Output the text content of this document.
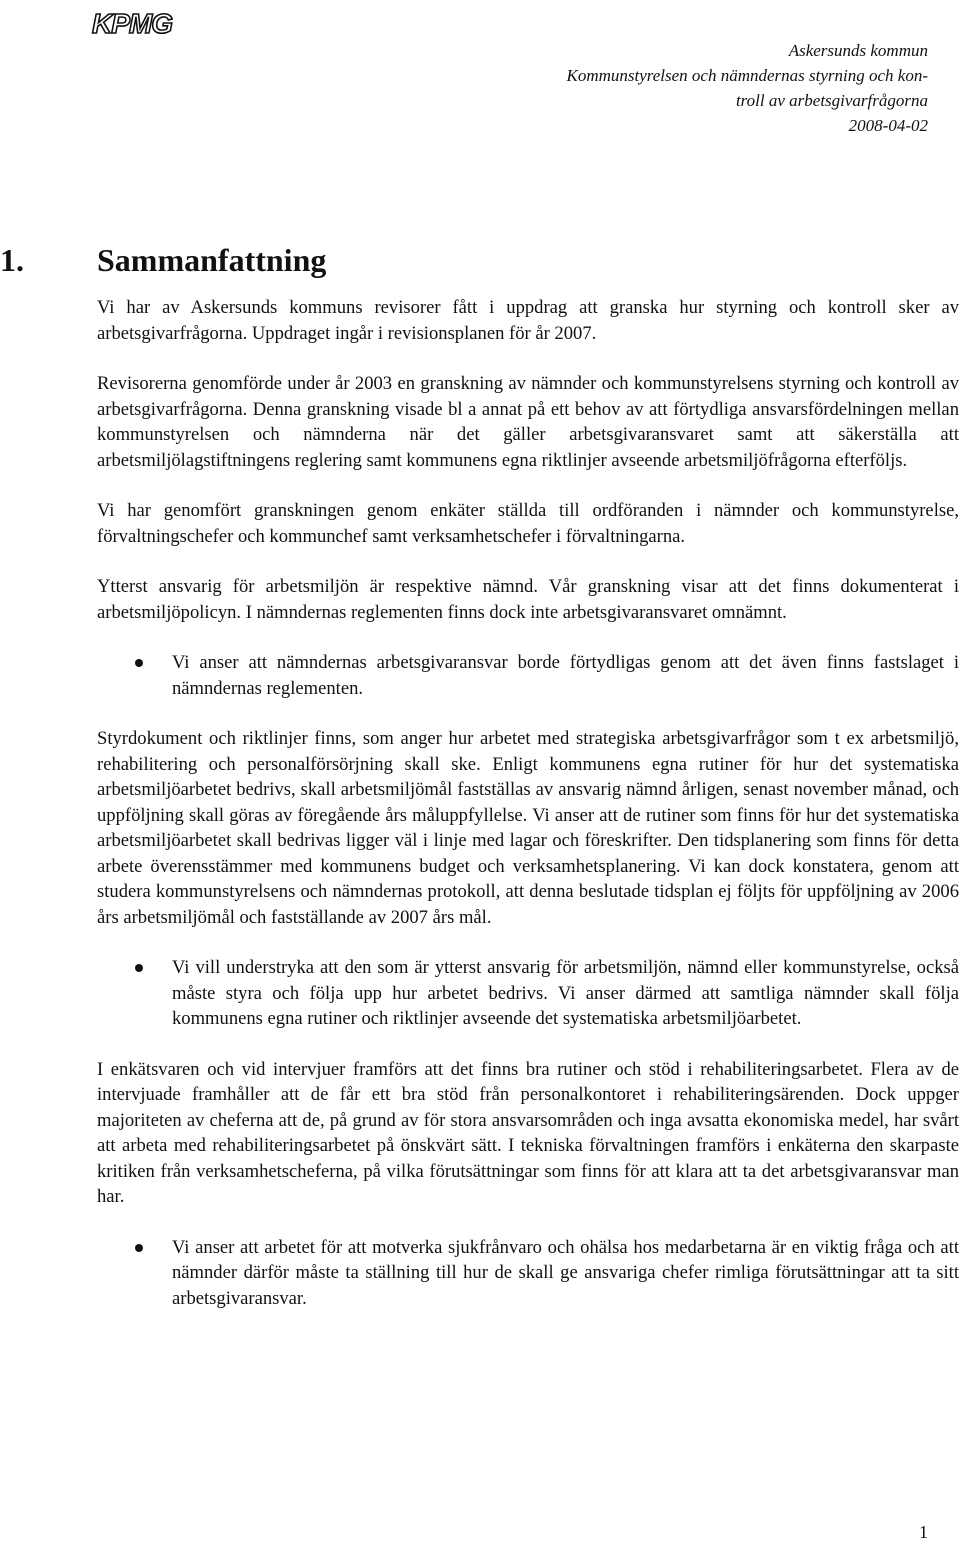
KPMG
Askersunds kommun
Kommunstyrelsen och nämndernas styrning och kon-
troll av arbetsgivarfrågorna
2008-04-02
1. Sammanfattning

Vi har av Askersunds kommuns revisorer fått i uppdrag att granska hur styrning och kontroll sker av arbetsgivarfrågorna. Uppdraget ingår i revisionsplanen för år 2007.

Revisorerna genomförde under år 2003 en granskning av nämnder och kommunstyrelsens styrning och kontroll av arbetsgivarfrågorna. Denna granskning visade bl a annat på ett behov av att förtydliga ansvarsfördelningen mellan kommunstyrelsen och nämnderna när det gäller arbetsgivaransvaret samt att säkerställa att arbetsmiljölagstiftningens reglering samt kommunens egna riktlinjer avseende arbetsmiljöfrågorna efterföljs.

Vi har genomfört granskningen genom enkäter ställda till ordföranden i nämnder och kommunstyrelse, förvaltningschefer och kommunchef samt verksamhetschefer i förvaltningarna.

Ytterst ansvarig för arbetsmiljön är respektive nämnd. Vår granskning visar att det finns dokumenterat i arbetsmiljöpolicyn. I nämndernas reglementen finns dock inte arbetsgivaransvaret omnämnt.

Vi anser att nämndernas arbetsgivaransvar borde förtydligas genom att det även finns fastslaget i nämndernas reglementen.

Styrdokument och riktlinjer finns, som anger hur arbetet med strategiska arbetsgivarfrågor som t ex arbetsmiljö, rehabilitering och personalförsörjning skall ske. Enligt kommunens egna rutiner för hur det systematiska arbetsmiljöarbetet bedrivs, skall arbetsmiljömål fastställas av ansvarig nämnd årligen, senast november månad, och uppföljning skall göras av föregående års måluppfyllelse. Vi anser att de rutiner som finns för hur det systematiska arbetsmiljöarbetet skall bedrivas ligger väl i linje med lagar och föreskrifter. Den tidsplanering som finns för detta arbete överensstämmer med kommunens budget och verksamhetsplanering. Vi kan dock konstatera, genom att studera kommunstyrelsens och nämndernas protokoll, att denna beslutade tidsplan ej följts för uppföljning av 2006 års arbetsmiljömål och fastställande av 2007 års mål.

Vi vill understryka att den som är ytterst ansvarig för arbetsmiljön, nämnd eller kommunstyrelse, också måste styra och följa upp hur arbetet bedrivs. Vi anser därmed att samtliga nämnder skall följa kommunens egna rutiner och riktlinjer avseende det systematiska arbetsmiljöarbetet.

I enkätsvaren och vid intervjuer framförs att det finns bra rutiner och stöd i rehabiliteringsarbetet. Flera av de intervjuade framhåller att de får ett bra stöd från personalkontoret i rehabiliteringsärenden. Dock uppger majoriteten av cheferna att de, på grund av för stora ansvarsområden och inga avsatta ekonomiska medel, har svårt att arbeta med rehabiliteringsarbetet på önskvärt sätt. I tekniska förvaltningen framförs i enkäterna den skarpaste kritiken från verksamhetscheferna, på vilka förutsättningar som finns för att klara att ta det arbetsgivaransvar man har.

Vi anser att arbetet för att motverka sjukfrånvaro och ohälsa hos medarbetarna är en viktig fråga och att nämnder därför måste ta ställning till hur de skall ge ansvariga chefer rimliga förutsättningar att ta sitt arbetsgivaransvar.
1
